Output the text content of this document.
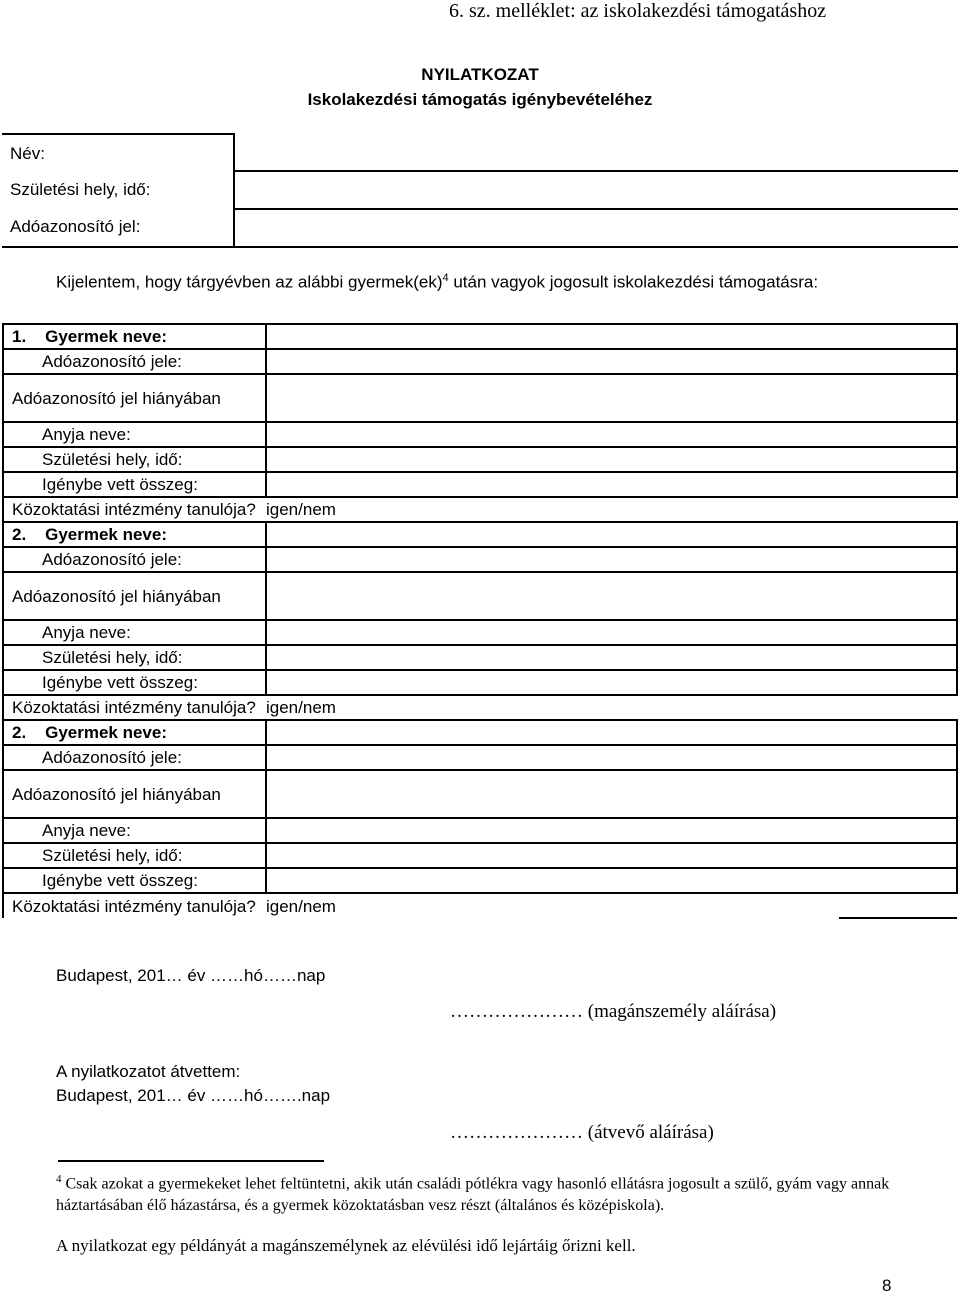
6. sz. melléklet: az iskolakezdési támogatáshoz
NYILATKOZAT
Iskolakezdési támogatás igénybevételéhez
Név:	

Születési hely, idő:
Adóazonosító jel:
Kijelentem, hogy tárgyévben az alábbi gyermek(ek)$^4$ után vagyok jogosult iskolakezdési támogatásra:
1. Gyermek neve:		
Adóazonosító jele:		
Adóazonosító jel hiányában		
Anyja neve:		
Születési hely, idő:		
Igénybe vett összeg:		
Közoktatási intézmény tanulója?	igen/nem	
2. Gyermek neve:		
Adóazonosító jele:		
Adóazonosító jel hiányában		
Anyja neve:		
Születési hely, idő:		
Igénybe vett összeg:		
Közoktatási intézmény tanulója?	igen/nem	
2. Gyermek neve:		
Adóazonosító jele:		
Adóazonosító jel hiányában		
Anyja neve:		
Születési hely, idő:		
Igénybe vett összeg:		
Közoktatási intézmény tanulója?	igen/nem	
Budapest, 201… év ……hó……nap
………………… (magánszemély aláírása)
A nyilatkozatot átvettem:
Budapest, 201… év ……hó…….nap
………………… (átvevő aláírása)
$^4$ Csak azokat a gyermekeket lehet feltüntetni, akik után családi pótlékra vagy hasonló ellátásra jogosult a szülő, gyám vagy annak háztartásában élő házastársa, és a gyermek közoktatásban vesz részt (általános és középiskola).
A nyilatkozat egy példányát a magánszemélynek az elévülési idő lejártáig őrizni kell.
8
